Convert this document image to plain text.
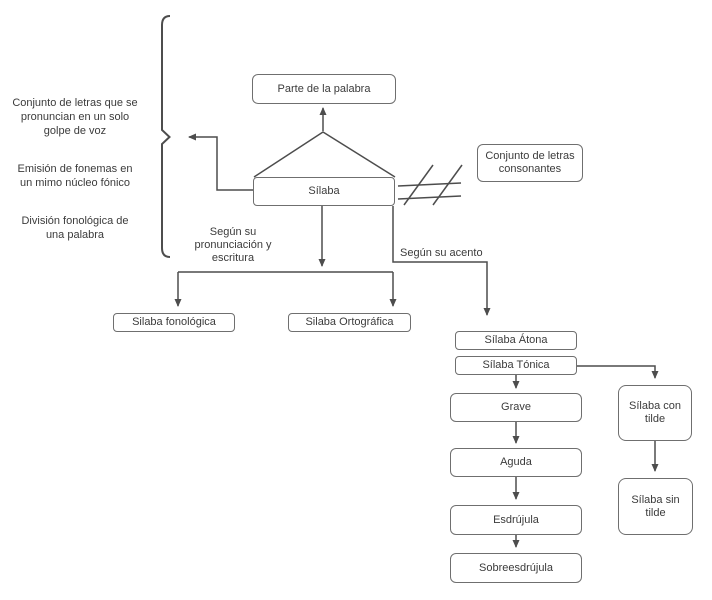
Parte de la palabra
Sílaba
Conjunto de letras consonantes
Silaba fonológica	Silaba Ortográfica
Sílaba Átona
Sílaba Tónica
Grave
Aguda
Esdrújula
Sobreesdrújula
Sílaba con tilde
Sílaba sin tilde
Conjunto de letras que se pronuncian en un solo golpe de voz
Emisión de fonemas en un mimo núcleo fónico
División fonológica de una palabra	Según su pronunciación y escritura	Según su acento
